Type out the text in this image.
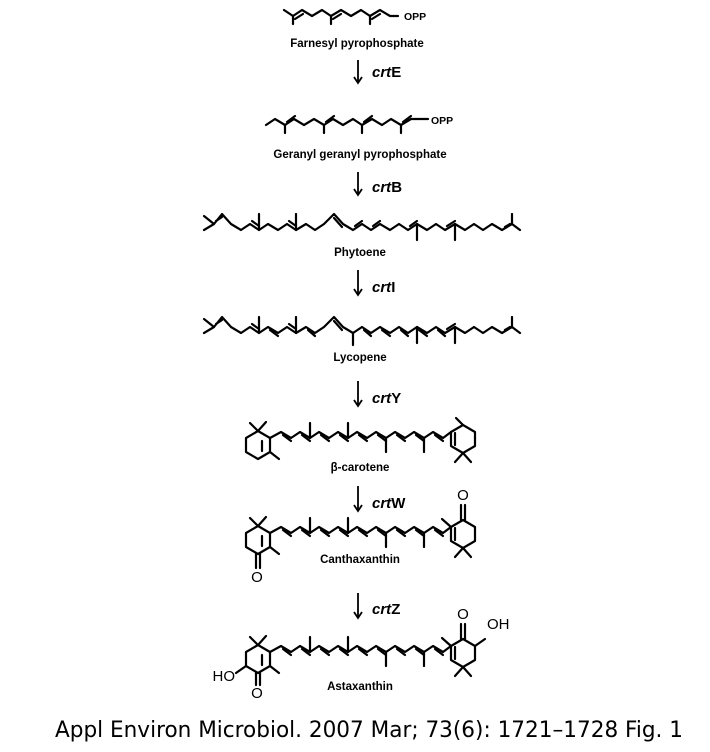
OPP
Farnesyl pyrophosphate
crtE
OPP
Geranyl geranyl pyrophosphate
crtB
Phytoene
crtI
Lycopene
crtY
β-carotene
crtW	O
O
Canthaxanthin
crtZ	O
OH
HO
O	Astaxanthin
Appl Environ Microbiol. 2007 Mar; 73(6): 1721–1728 Fig. 1
